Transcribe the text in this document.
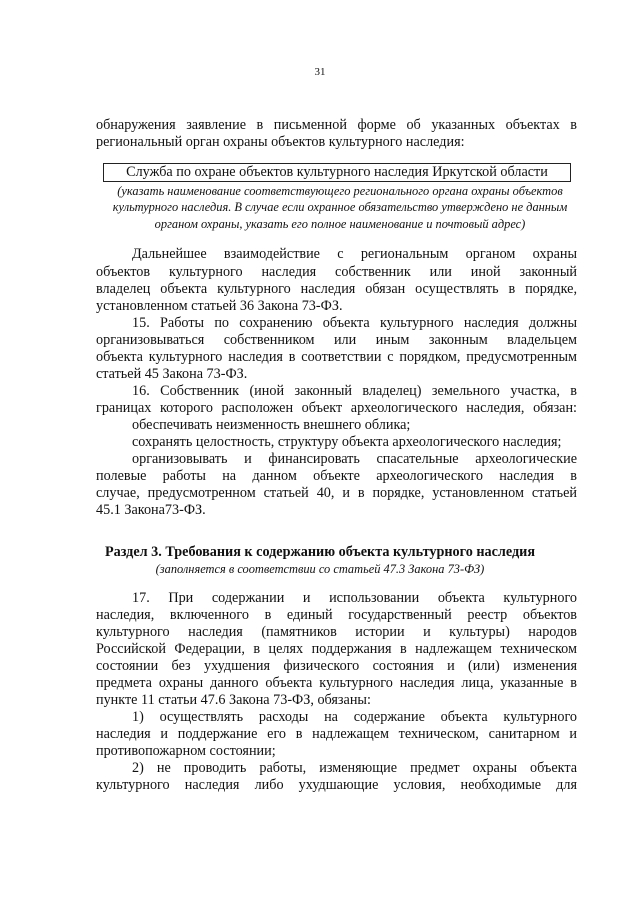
31
обнаружения заявление в письменной форме об указанных объектах в
региональный орган охраны объектов культурного наследия:
Служба по охране объектов культурного наследия Иркутской области
(указать наименование соответствующего регионального органа охраны объектов
культурного наследия. В случае если охранное обязательство утверждено не данным
органом охраны, указать его полное наименование и почтовый адрес)
Дальнейшее взаимодействие с региональным органом охраны
объектов культурного наследия собственник или иной законный
владелец объекта культурного наследия обязан осуществлять в порядке,
установленном статьей 36 Закона 73-ФЗ.
15. Работы по сохранению объекта культурного наследия должны
организовываться собственником или иным законным владельцем
объекта культурного наследия в соответствии с порядком, предусмотренным
статьей 45 Закона 73-ФЗ.
16. Собственник (иной законный владелец) земельного участка, в
границах которого расположен объект археологического наследия, обязан:
обеспечивать неизменность внешнего облика;
сохранять целостность, структуру объекта археологического наследия;
организовывать и финансировать спасательные археологические
полевые работы на данном объекте археологического наследия в
случае, предусмотренном статьей 40, и в порядке, установленном статьей
45.1 Закона73-ФЗ.
Раздел 3. Требования к содержанию объекта культурного наследия
(заполняется в соответствии со статьей 47.3 Закона 73-ФЗ)
17. При содержании и использовании объекта культурного
наследия, включенного в единый государственный реестр объектов
культурного наследия (памятников истории и культуры) народов
Российской Федерации, в целях поддержания в надлежащем техническом
состоянии без ухудшения физического состояния и (или) изменения
предмета охраны данного объекта культурного наследия лица, указанные в
пункте 11 статьи 47.6 Закона 73-ФЗ, обязаны:
1) осуществлять расходы на содержание объекта культурного
наследия и поддержание его в надлежащем техническом, санитарном и
противопожарном состоянии;
2) не проводить работы, изменяющие предмет охраны объекта
культурного наследия либо ухудшающие условия, необходимые для
